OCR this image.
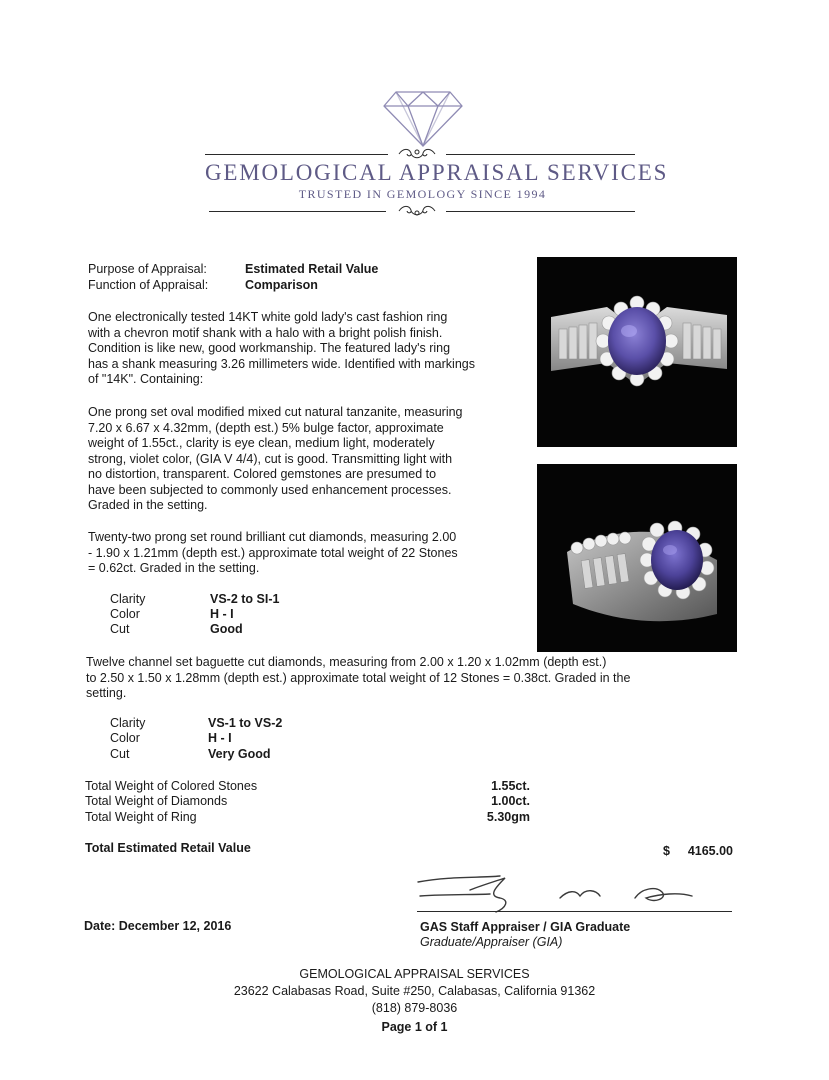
GEMOLOGICAL APPRAISAL SERVICES
TRUSTED IN GEMOLOGY SINCE 1994
Purpose of Appraisal:	Estimated Retail Value
Function of Appraisal:	Comparison

One electronically tested 14KT white gold lady's cast fashion ring

with a chevron motif shank with a halo with a bright polish finish.

Condition is like new, good workmanship. The featured lady's ring

has a shank measuring 3.26 millimeters wide. Identified with markings

of "14K". Containing:

One prong set oval modified mixed cut natural tanzanite, measuring

7.20 x 6.67 x 4.32mm, (depth est.) 5% bulge factor, approximate

weight of 1.55ct., clarity is eye clean, medium light, moderately

strong, violet color, (GIA V 4/4), cut is good. Transmitting light with

no distortion, transparent. Colored gemstones are presumed to

have been subjected to commonly used enhancement processes.

Graded in the setting.

Twenty-two prong set round brilliant cut diamonds, measuring 2.00

- 1.90 x 1.21mm (depth est.) approximate total weight of 22 Stones

= 0.62ct. Graded in the setting.

Clarity	VS-2 to SI-1
Color	H - I
Cut	Good

Twelve channel set baguette cut diamonds, measuring from 2.00 x 1.20 x 1.02mm (depth est.)

to 2.50 x 1.50 x 1.28mm (depth est.) approximate total weight of 12 Stones = 0.38ct. Graded in the

setting.

Clarity	VS-1 to VS-2
Color	H - I
Cut	Very Good
Total Weight of Colored Stones	1.55ct.
Total Weight of Diamonds	1.00ct.
Total Weight of Ring	5.30gm
Total Estimated Retail Value	$	4165.00
Date: December 12, 2016	GAS Staff Appraiser / GIA Graduate
Graduate/Appraiser (GIA)
GEMOLOGICAL APPRAISAL SERVICES
23622 Calabasas Road, Suite #250, Calabasas, California 91362
(818) 879-8036
Page 1 of 1
